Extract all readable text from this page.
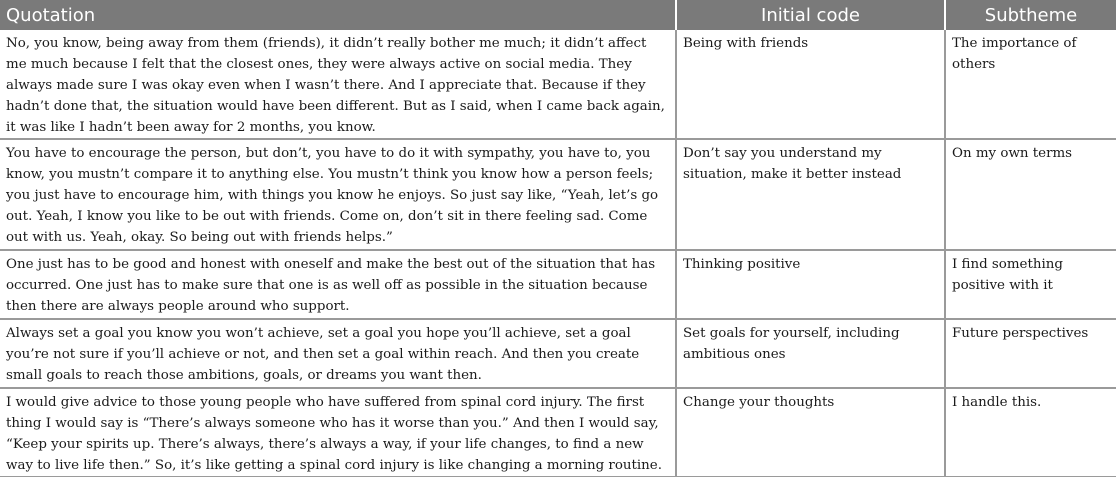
Quotation	Initial code	Subtheme
No, you know, being away from them (friends), it didn’t really bother me much; it didn’t affect me much because I felt that the closest ones, they were always active on social media. They always made sure I was okay even when I wasn’t there. And I appreciate that. Because if they hadn’t done that, the situation would have been different. But as I said, when I came back again, it was like I hadn’t been away for 2 months, you know.	Being with friends	The importance of others
You have to encourage the person, but don’t, you have to do it with sympathy, you have to, you know, you mustn’t compare it to anything else. You mustn’t think you know how a person feels; you just have to encourage him, with things you know he enjoys. So just say like, “Yeah, let’s go out. Yeah, I know you like to be out with friends. Come on, don’t sit in there feeling sad. Come out with us. Yeah, okay. So being out with friends helps.”	Don’t say you understand my situation, make it better instead	On my own terms
One just has to be good and honest with oneself and make the best out of the situation that has occurred. One just has to make sure that one is as well off as possible in the situation because then there are always people around who support.	Thinking positive	I find something positive with it
Always set a goal you know you won’t achieve, set a goal you hope you’ll achieve, set a goal you’re not sure if you’ll achieve or not, and then set a goal within reach. And then you create small goals to reach those ambitions, goals, or dreams you want then.	Set goals for yourself, including ambitious ones	Future perspectives
I would give advice to those young people who have suffered from spinal cord injury. The first thing I would say is “There’s always someone who has it worse than you.” And then I would say, “Keep your spirits up. There’s always, there’s always a way, if your life changes, to find a new way to live life then.” So, it’s like getting a spinal cord injury is like changing a morning routine.	Change your thoughts	I handle this.
